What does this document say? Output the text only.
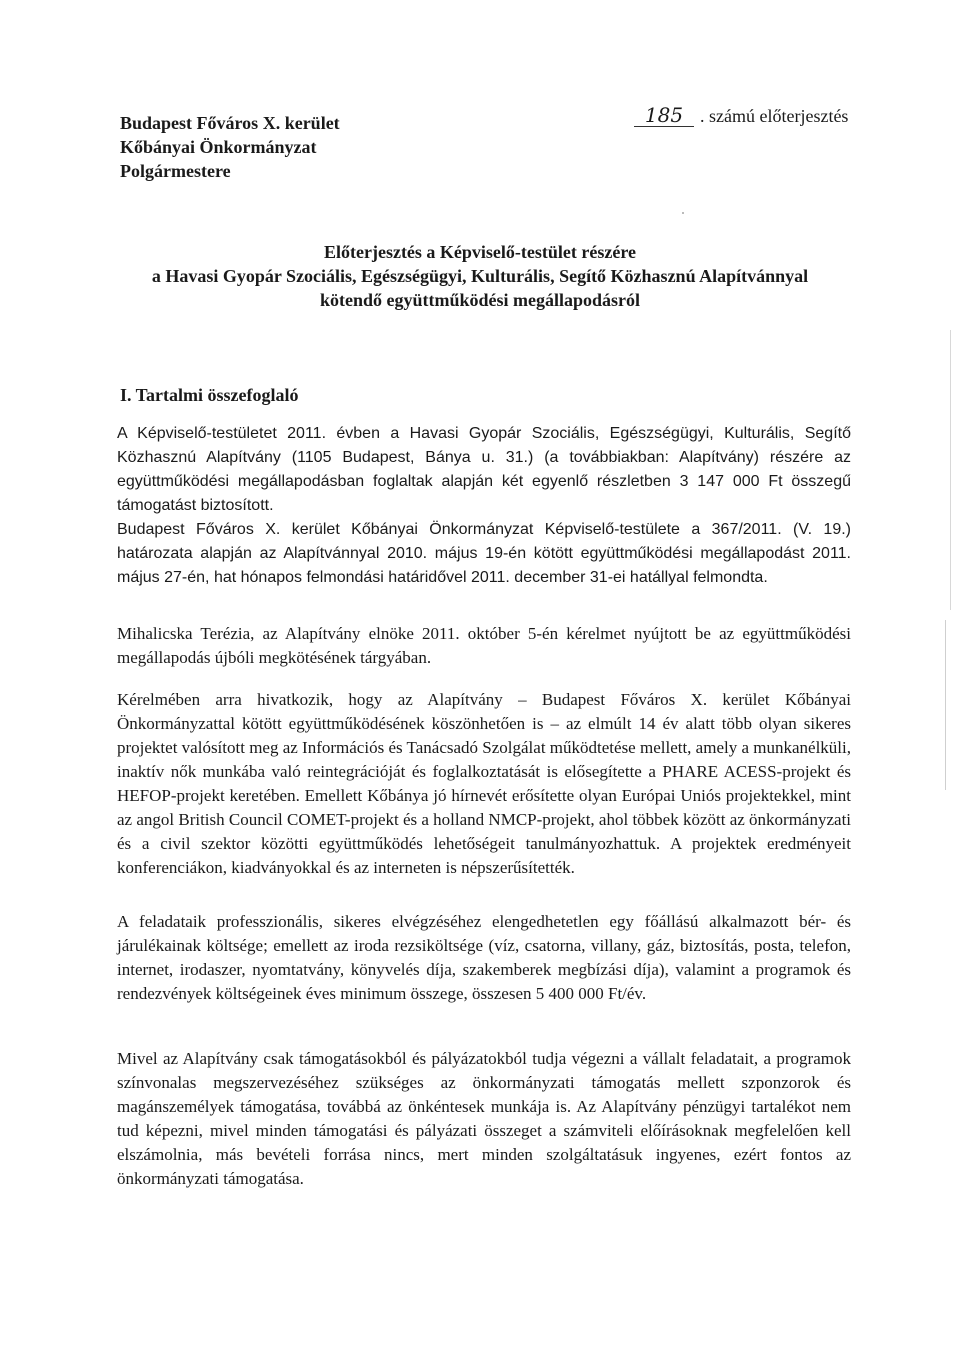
Budapest Főváros X. kerület
Kőbányai Önkormányzat
Polgármestere
185 . számú előterjesztés
Előterjesztés a Képviselő-testület részére
a Havasi Gyopár Szociális, Egészségügyi, Kulturális, Segítő Közhasznú Alapítvánnyal
kötendő együttműködési megállapodásról
I. Tartalmi összefoglaló

A Képviselő-testületet 2011. évben a Havasi Gyopár Szociális, Egészségügyi, Kulturális, Segítő Közhasznú Alapítvány (1105 Budapest, Bánya u. 31.) (a továbbiakban: Alapítvány) részére az együttműködési megállapodásban foglaltak alapján két egyenlő részletben 3 147 000 Ft összegű támogatást biztosított.

Budapest Főváros X. kerület Kőbányai Önkormányzat Képviselő-testülete a 367/2011. (V. 19.) határozata alapján az Alapítvánnyal 2010. május 19-én kötött együttműködési megállapodást 2011. május 27-én, hat hónapos felmondási határidővel 2011. december 31-ei hatállyal felmondta.

Mihalicska Terézia, az Alapítvány elnöke 2011. október 5-én kérelmet nyújtott be az együttműködési megállapodás újbóli megkötésének tárgyában.

Kérelmében arra hivatkozik, hogy az Alapítvány – Budapest Főváros X. kerület Kőbányai Önkormányzattal kötött együttműködésének köszönhetően is – az elmúlt 14 év alatt több olyan sikeres projektet valósított meg az Információs és Tanácsadó Szolgálat működtetése mellett, amely a munkanélküli, inaktív nők munkába való reintegrációját és foglalkoztatását is elősegítette a PHARE ACESS-projekt és HEFOP-projekt keretében. Emellett Kőbánya jó hírnevét erősítette olyan Európai Uniós projektekkel, mint az angol British Council COMET-projekt és a holland NMCP-projekt, ahol többek között az önkormányzati és a civil szektor közötti együttműködés lehetőségeit tanulmányozhattuk. A projektek eredményeit konferenciákon, kiadványokkal és az interneten is népszerűsítették.

A feladataik professzionális, sikeres elvégzéséhez elengedhetetlen egy főállású alkalmazott bér- és járulékainak költsége; emellett az iroda rezsiköltsége (víz, csatorna, villany, gáz, biztosítás, posta, telefon, internet, irodaszer, nyomtatvány, könyvelés díja, szakemberek megbízási díja), valamint a programok és rendezvények költségeinek éves minimum összege, összesen 5 400 000 Ft/év.

Mivel az Alapítvány csak támogatásokból és pályázatokból tudja végezni a vállalt feladatait, a programok színvonalas megszervezéséhez szükséges az önkormányzati támogatás mellett szponzorok és magánszemélyek támogatása, továbbá az önkéntesek munkája is. Az Alapítvány pénzügyi tartalékot nem tud képezni, mivel minden támogatási és pályázati összeget a számviteli előírásoknak megfelelően kell elszámolnia, más bevételi forrása nincs, mert minden szolgáltatásuk ingyenes, ezért fontos az önkormányzati támogatása.
